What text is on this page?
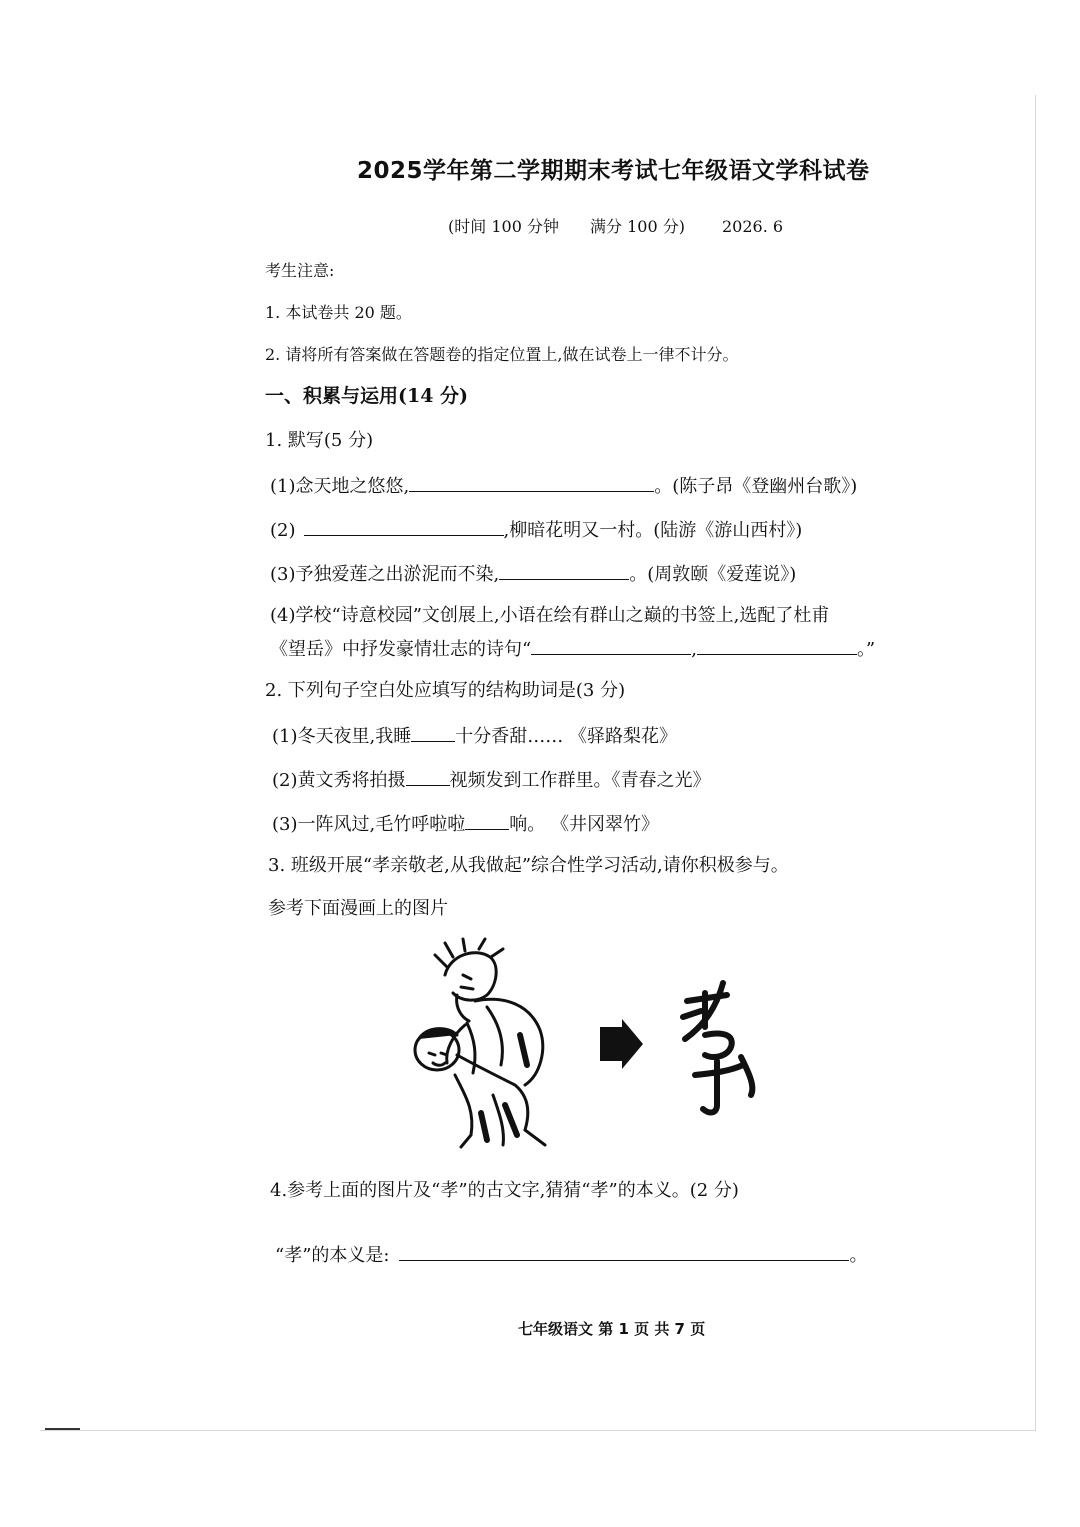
2025学年第二学期期末考试七年级语文学科试卷
(时间 100 分钟 满分 100 分) 2026. 6
考生注意:
1. 本试卷共 20 题。
2. 请将所有答案做在答题卷的指定位置上,做在试卷上一律不计分。
一、积累与运用(14 分)
1. 默写(5 分)
(1)念天地之悠悠,	。(陈子昂《登幽州台歌》)
(2)	,柳暗花明又一村。(陆游《游山西村》)
(3)予独爱莲之出淤泥而不染,	。(周敦颐《爱莲说》)
(4)学校“诗意校园”文创展上,小语在绘有群山之巅的书签上,选配了杜甫
《望岳》中抒发豪情壮志的诗句“	,	。”
2. 下列句子空白处应填写的结构助词是(3 分)
(1)冬天夜里,我睡 十分香甜…… 《驿路梨花》
(2)黄文秀将拍摄 视频发到工作群里。《青春之光》
(3)一阵风过,毛竹呼啦啦 响。 《井冈翠竹》
3. 班级开展“孝亲敬老,从我做起”综合性学习活动,请你积极参与。
参考下面漫画上的图片
4.参考上面的图片及“孝”的古文字,猜猜“孝”的本义。(2 分)
“孝”的本义是:	。
七年级语文 第 1 页 共 7 页
